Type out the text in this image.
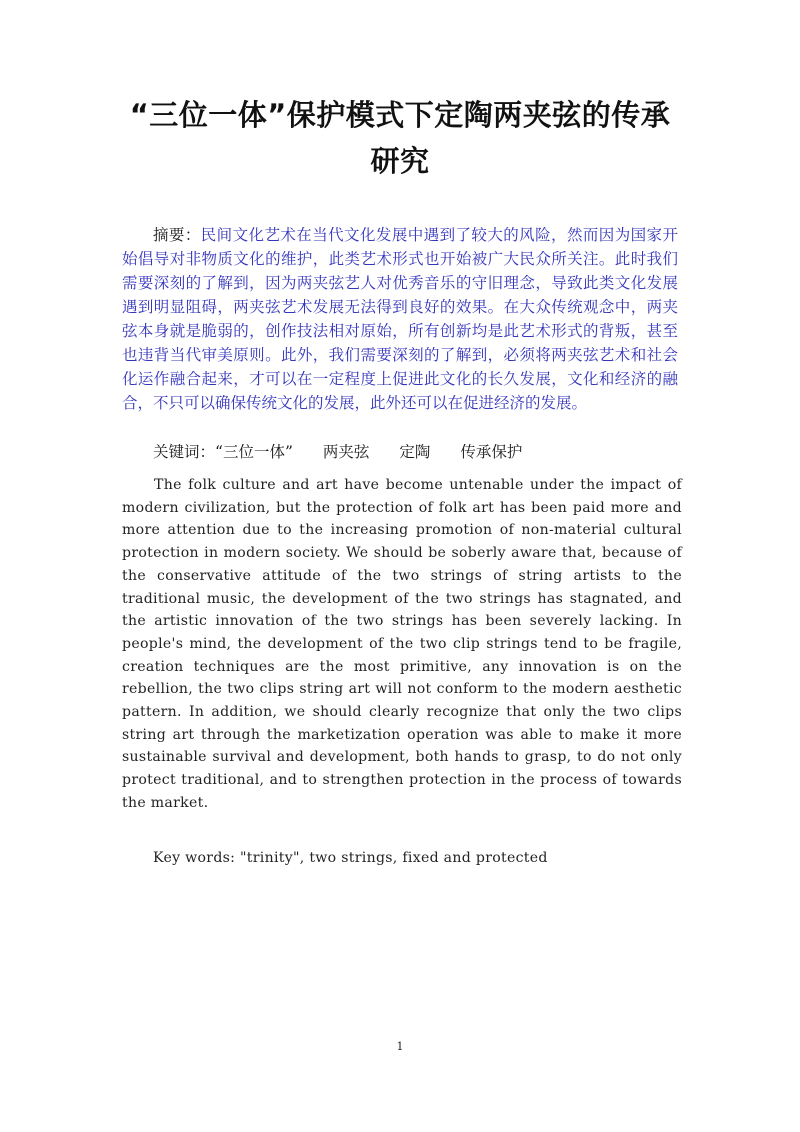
“三位一体”保护模式下定陶两夹弦的传承研究
摘要：民间文化艺术在当代文化发展中遇到了较大的风险，然而因为国家开始倡导对非物质文化的维护，此类艺术形式也开始被广大民众所关注。此时我们需要深刻的了解到，因为两夹弦艺人对优秀音乐的守旧理念，导致此类文化发展遇到明显阻碍，两夹弦艺术发展无法得到良好的效果。在大众传统观念中，两夹弦本身就是脆弱的，创作技法相对原始，所有创新均是此艺术形式的背叛，甚至也违背当代审美原则。此外，我们需要深刻的了解到，必须将两夹弦艺术和社会化运作融合起来，才可以在一定程度上促进此文化的长久发展，文化和经济的融合，不只可以确保传统文化的发展，此外还可以在促进经济的发展。
关键词：“三位一体” 两夹弦 定陶 传承保护
The folk culture and art have become untenable under the impact of modern civilization, but the protection of folk art has been paid more and more attention due to the increasing promotion of non-material cultural protection in modern society. We should be soberly aware that, because of the conservative attitude of the two strings of string artists to the traditional music, the development of the two strings has stagnated, and the artistic innovation of the two strings has been severely lacking. In people's mind, the development of the two clip strings tend to be fragile, creation techniques are the most primitive, any innovation is on the rebellion, the two clips string art will not conform to the modern aesthetic pattern. In addition, we should clearly recognize that only the two clips string art through the marketization operation was able to make it more sustainable survival and development, both hands to grasp, to do not only protect traditional, and to strengthen protection in the process of towards the market.
Key words: "trinity", two strings, fixed and protected
1
